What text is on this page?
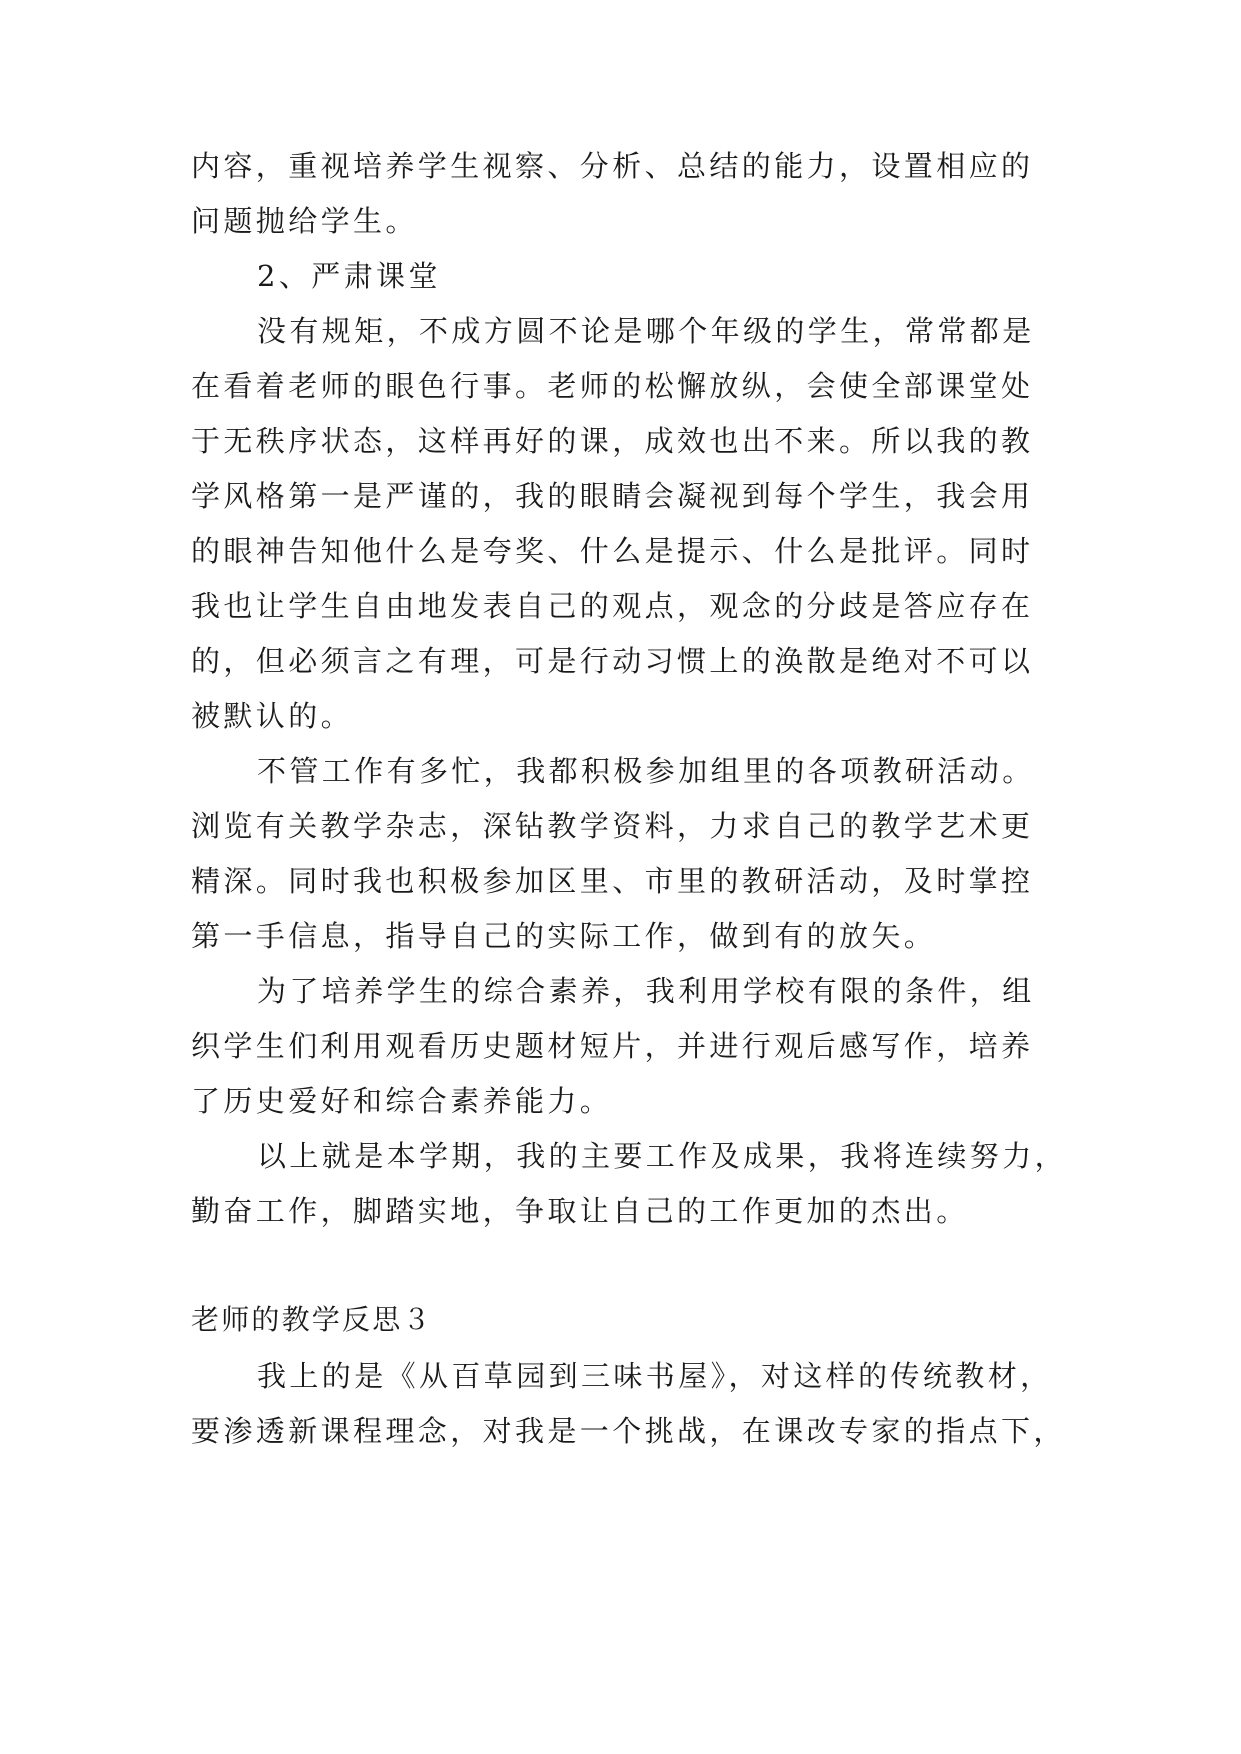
内容，重视培养学生视察、分析、总结的能力，设置相应的
问题抛给学生。
2、严肃课堂
没有规矩，不成方圆不论是哪个年级的学生，常常都是
在看着老师的眼色行事。老师的松懈放纵，会使全部课堂处
于无秩序状态，这样再好的课，成效也出不来。所以我的教
学风格第一是严谨的，我的眼睛会凝视到每个学生，我会用
的眼神告知他什么是夸奖、什么是提示、什么是批评。同时
我也让学生自由地发表自己的观点，观念的分歧是答应存在
的，但必须言之有理，可是行动习惯上的涣散是绝对不可以
被默认的。
不管工作有多忙，我都积极参加组里的各项教研活动。
浏览有关教学杂志，深钻教学资料，力求自己的教学艺术更
精深。同时我也积极参加区里、市里的教研活动，及时掌控
第一手信息，指导自己的实际工作，做到有的放矢。
为了培养学生的综合素养，我利用学校有限的条件，组
织学生们利用观看历史题材短片，并进行观后感写作，培养
了历史爱好和综合素养能力。
以上就是本学期，我的主要工作及成果，我将连续努力，
勤奋工作，脚踏实地，争取让自己的工作更加的杰出。
老师的教学反思３
我上的是《从百草园到三味书屋》，对这样的传统教材，
要渗透新课程理念，对我是一个挑战，在课改专家的指点下，
